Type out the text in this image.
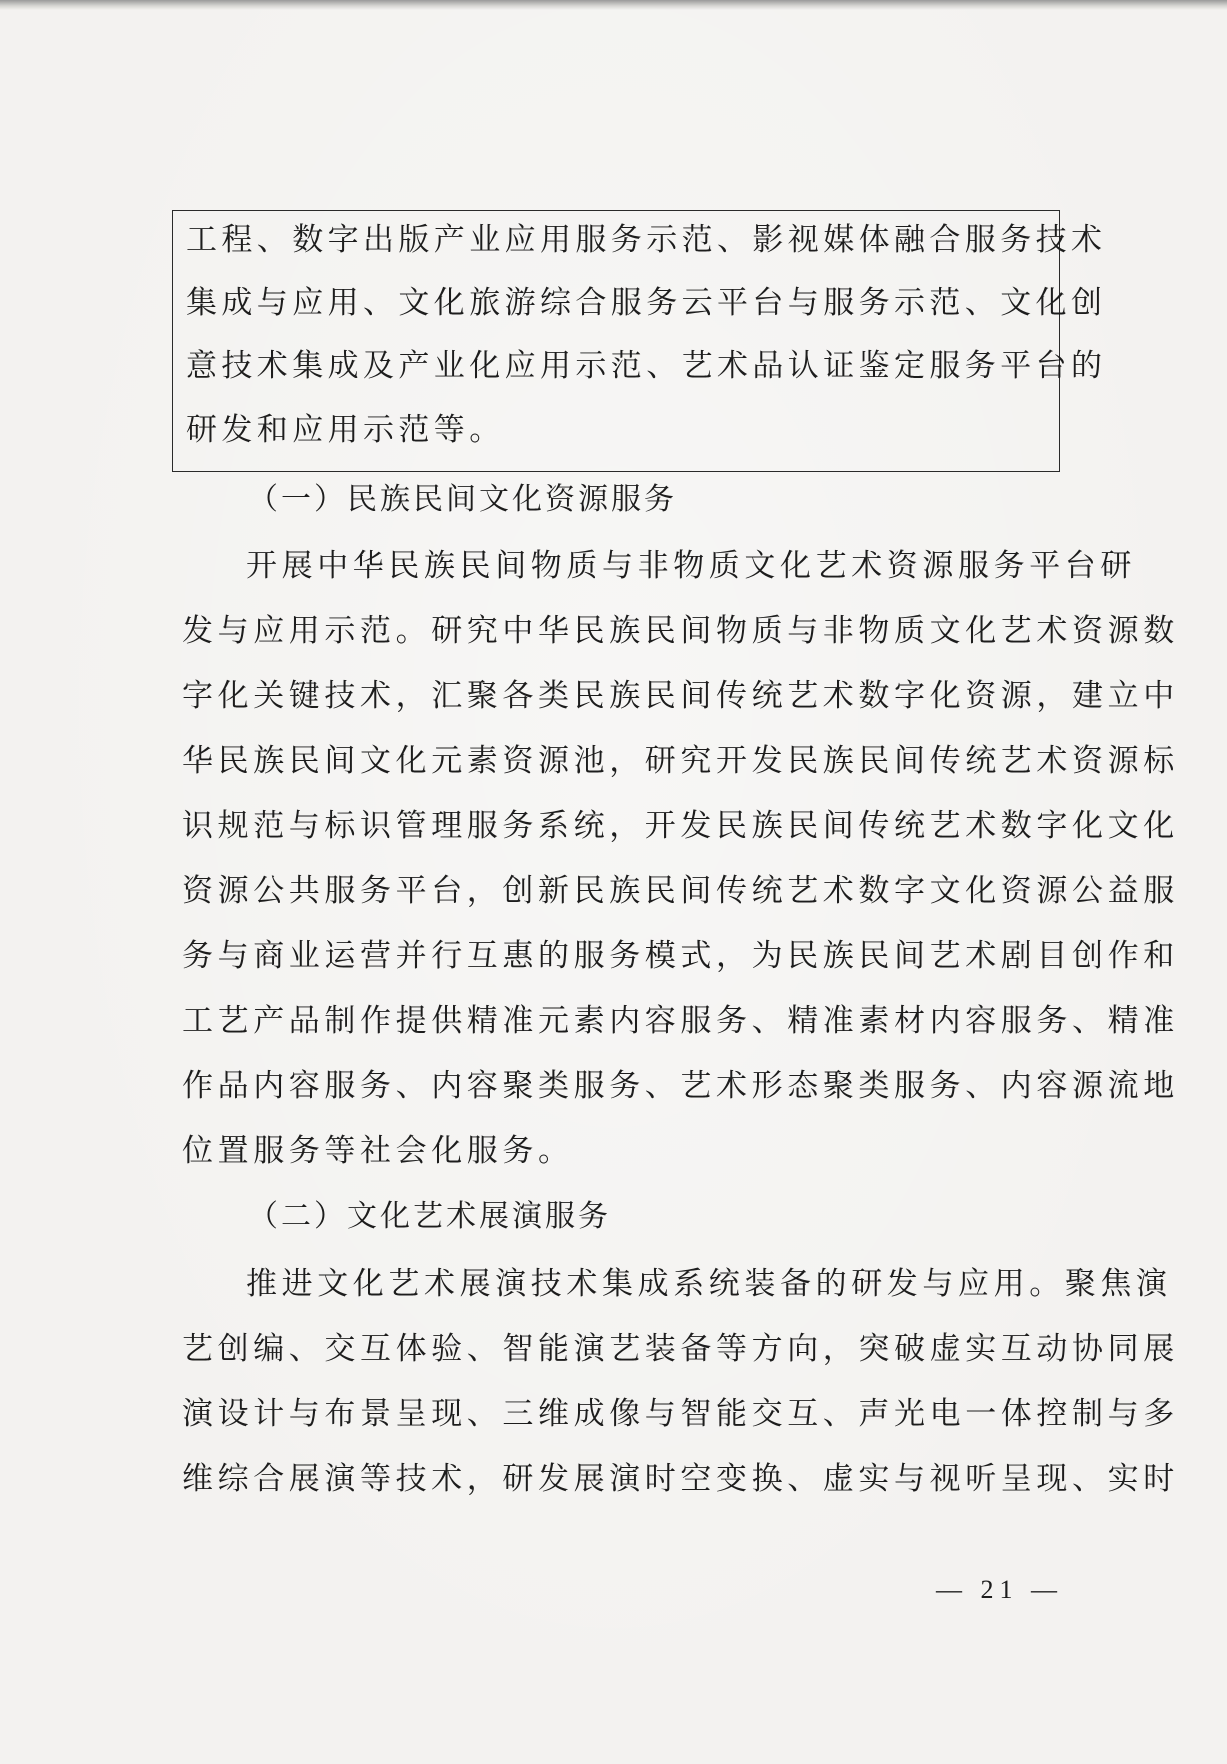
工程、数字出版产业应用服务示范、影视媒体融合服务技术
集成与应用、文化旅游综合服务云平台与服务示范、文化创
意技术集成及产业化应用示范、艺术品认证鉴定服务平台的
研发和应用示范等。
（一）民族民间文化资源服务
开展中华民族民间物质与非物质文化艺术资源服务平台研
发与应用示范。研究中华民族民间物质与非物质文化艺术资源数
字化关键技术，汇聚各类民族民间传统艺术数字化资源，建立中
华民族民间文化元素资源池，研究开发民族民间传统艺术资源标
识规范与标识管理服务系统，开发民族民间传统艺术数字化文化
资源公共服务平台，创新民族民间传统艺术数字文化资源公益服
务与商业运营并行互惠的服务模式，为民族民间艺术剧目创作和
工艺产品制作提供精准元素内容服务、精准素材内容服务、精准
作品内容服务、内容聚类服务、艺术形态聚类服务、内容源流地
位置服务等社会化服务。
（二）文化艺术展演服务
推进文化艺术展演技术集成系统装备的研发与应用。聚焦演
艺创编、交互体验、智能演艺装备等方向，突破虚实互动协同展
演设计与布景呈现、三维成像与智能交互、声光电一体控制与多
维综合展演等技术，研发展演时空变换、虚实与视听呈现、实时
— 21 —
